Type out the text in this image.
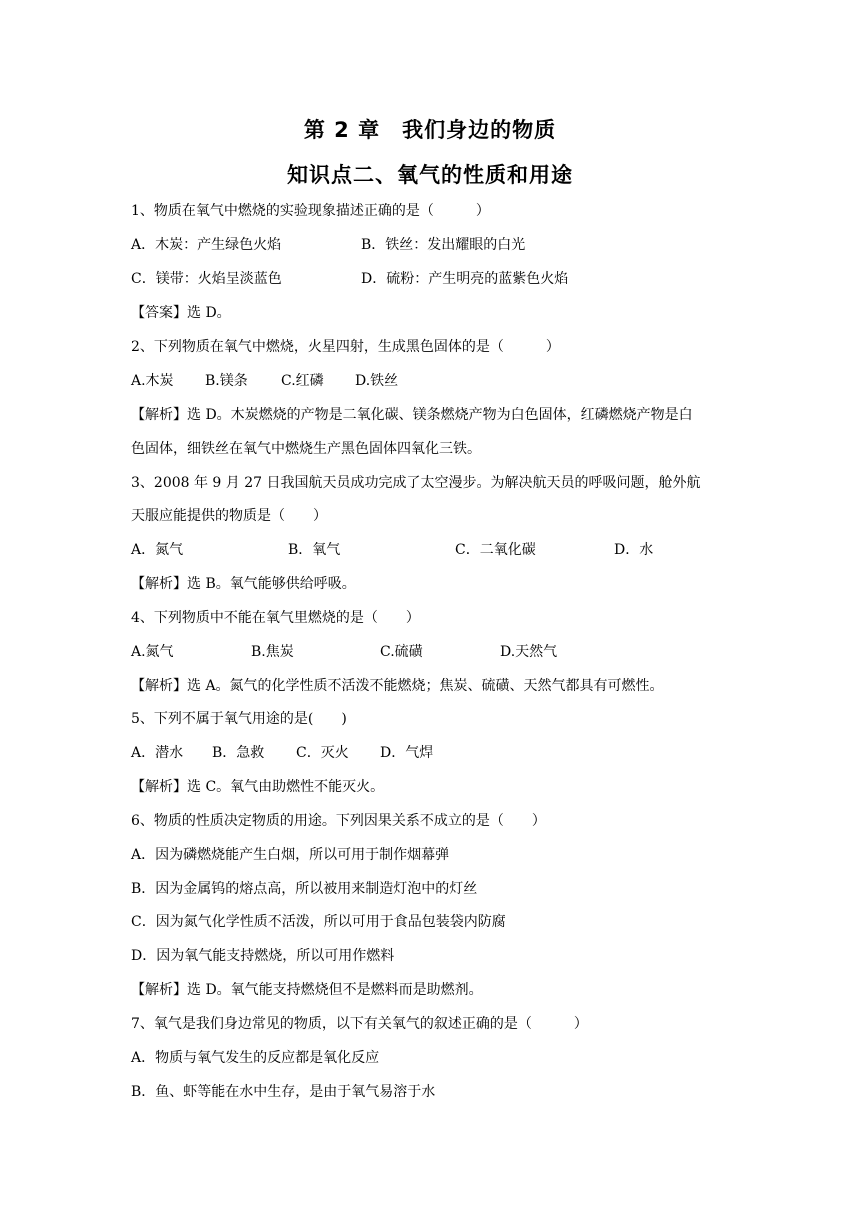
第 2 章　我们身边的物质
知识点二、氧气的性质和用途
1、物质在氧气中燃烧的实验现象描述正确的是（　　　）
A．木炭：产生绿色火焰	B．铁丝：发出耀眼的白光
C．镁带：火焰呈淡蓝色	D．硫粉：产生明亮的蓝紫色火焰
【答案】选 D。
2、下列物质在氧气中燃烧，火星四射，生成黑色固体的是（　　　）
A.木炭 B.镁条 C.红磷 D.铁丝
【解析】选 D。木炭燃烧的产物是二氧化碳、镁条燃烧产物为白色固体，红磷燃烧产物是白
色固体，细铁丝在氧气中燃烧生产黑色固体四氧化三铁。
3、2008 年 9 月 27 日我国航天员成功完成了太空漫步。为解决航天员的呼吸问题，舱外航
天服应能提供的物质是（　　）
A．氮气	B．氧气	C．二氧化碳	D．水
【解析】选 B。氧气能够供给呼吸。
4、下列物质中不能在氧气里燃烧的是（　　）
A.氮气	B.焦炭	C.硫磺	D.天然气
【解析】选 A。氮气的化学性质不活泼不能燃烧；焦炭、硫磺、天然气都具有可燃性。
5、下列不属于氧气用途的是(　　)
A．潜水 B．急救 C．灭火 D．气焊
【解析】选 C。氧气由助燃性不能灭火。
6、物质的性质决定物质的用途。下列因果关系不成立的是（　　）
A．因为磷燃烧能产生白烟，所以可用于制作烟幕弹
B．因为金属钨的熔点高，所以被用来制造灯泡中的灯丝
C．因为氮气化学性质不活泼，所以可用于食品包装袋内防腐
D．因为氧气能支持燃烧，所以可用作燃料
【解析】选 D。氧气能支持燃烧但不是燃料而是助燃剂。
7、氧气是我们身边常见的物质，以下有关氧气的叙述正确的是（　　　）
A．物质与氧气发生的反应都是氧化反应
B．鱼、虾等能在水中生存，是由于氧气易溶于水
